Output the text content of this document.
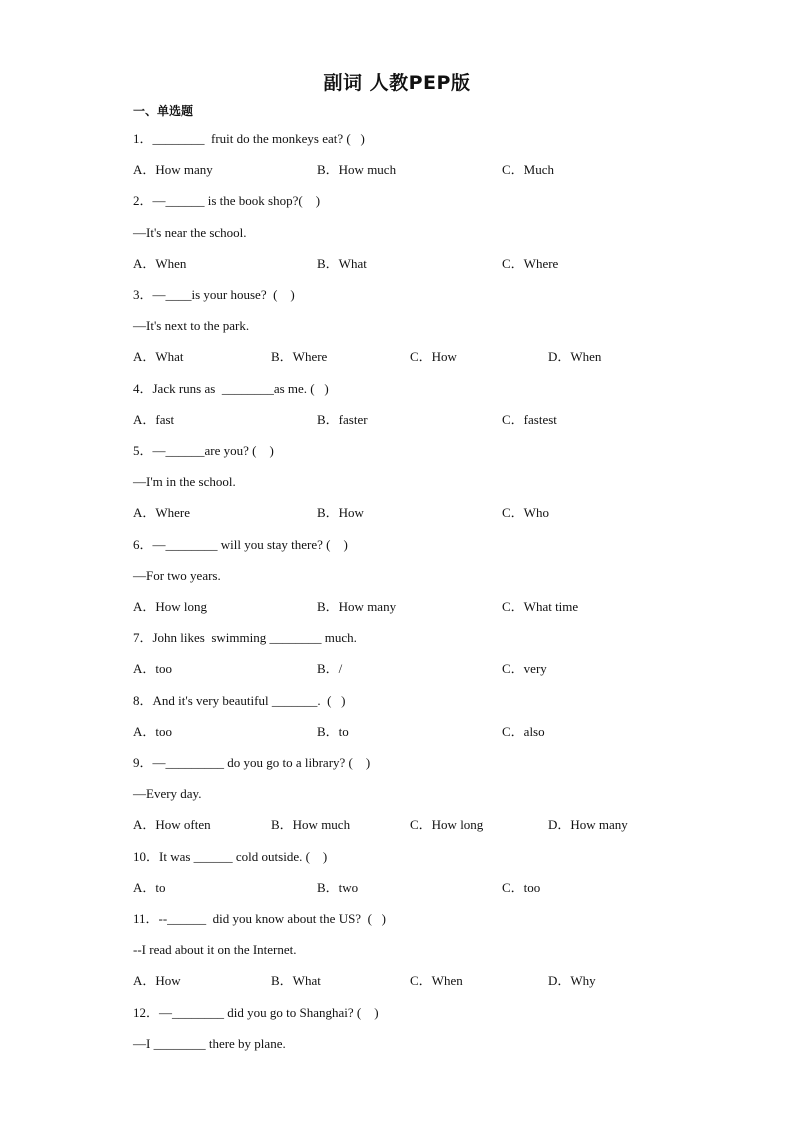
副词 人教PEP版
一、单选题
1．________  fruit do the monkeys eat? (   )
A．How many	B．How much	C．Much
2．—______ is the book shop?(    )
—It's near the school.
A．When	B．What	C．Where
3．—____is your house?  (    )
—It's next to the park.
A．What	B．Where	C．How	D．When
4．Jack runs as  ________as me. (   )
A．fast	B．faster	C．fastest
5．—______are you? (    )
—I'm in the school.
A．Where	B．How	C．Who
6．—________ will you stay there? (    )
—For two years.
A．How long	B．How many	C．What time
7．John likes  swimming ________ much.
A．too	B．/	C．very
8．And it's very beautiful _______.  (   )
A．too	B．to	C．also
9．—_________ do you go to a library? (    )
—Every day.
A．How often	B．How much	C．How long	D．How many
10．It was ______ cold outside. (    )
A．to	B．two	C．too
11．--______  did you know about the US?  (   )
--I read about it on the Internet.
A．How	B．What	C．When	D．Why
12．—________ did you go to Shanghai? (    )
—I ________ there by plane.
